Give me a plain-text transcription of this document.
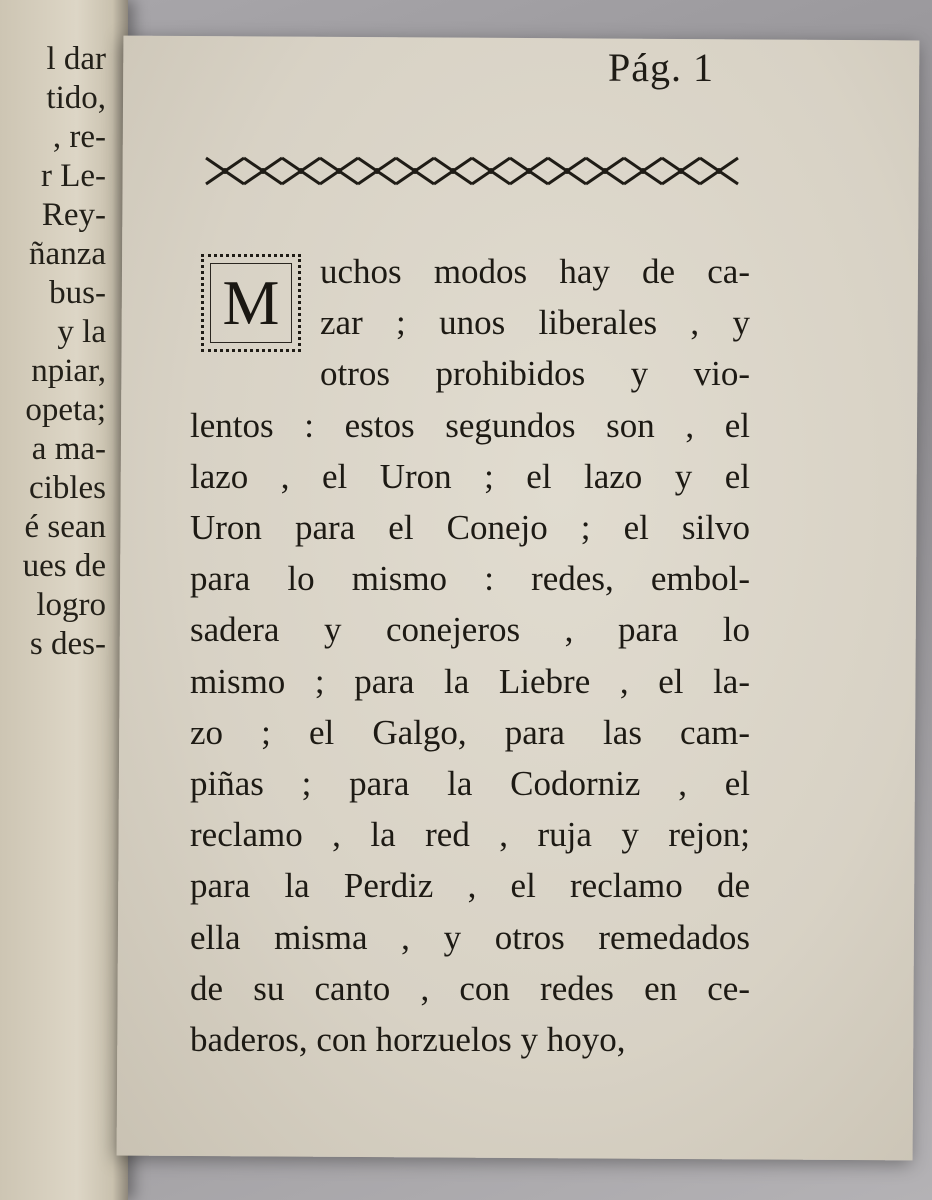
l dar
tido,
, re-
r Le-
Rey-
ñanza
bus-
y la
npiar,
opeta;
a ma-
cibles
é sean
ues de
logro
s des-
Pág. 1
M	uchos modos hay de ca-
zar ; unos liberales , y
otros prohibidos y vio-
lentos : estos segundos son , el
lazo , el Uron ; el lazo y el
Uron para el Conejo ; el silvo
para lo mismo : redes, embol-
sadera y conejeros , para lo
mismo ; para la Liebre , el la-
zo ; el Galgo, para las cam-
piñas ; para la Codorniz , el
reclamo , la red , ruja y rejon;
para la Perdiz , el reclamo de
ella misma , y otros remedados
de su canto , con redes en ce-
baderos, con horzuelos y hoyo,
